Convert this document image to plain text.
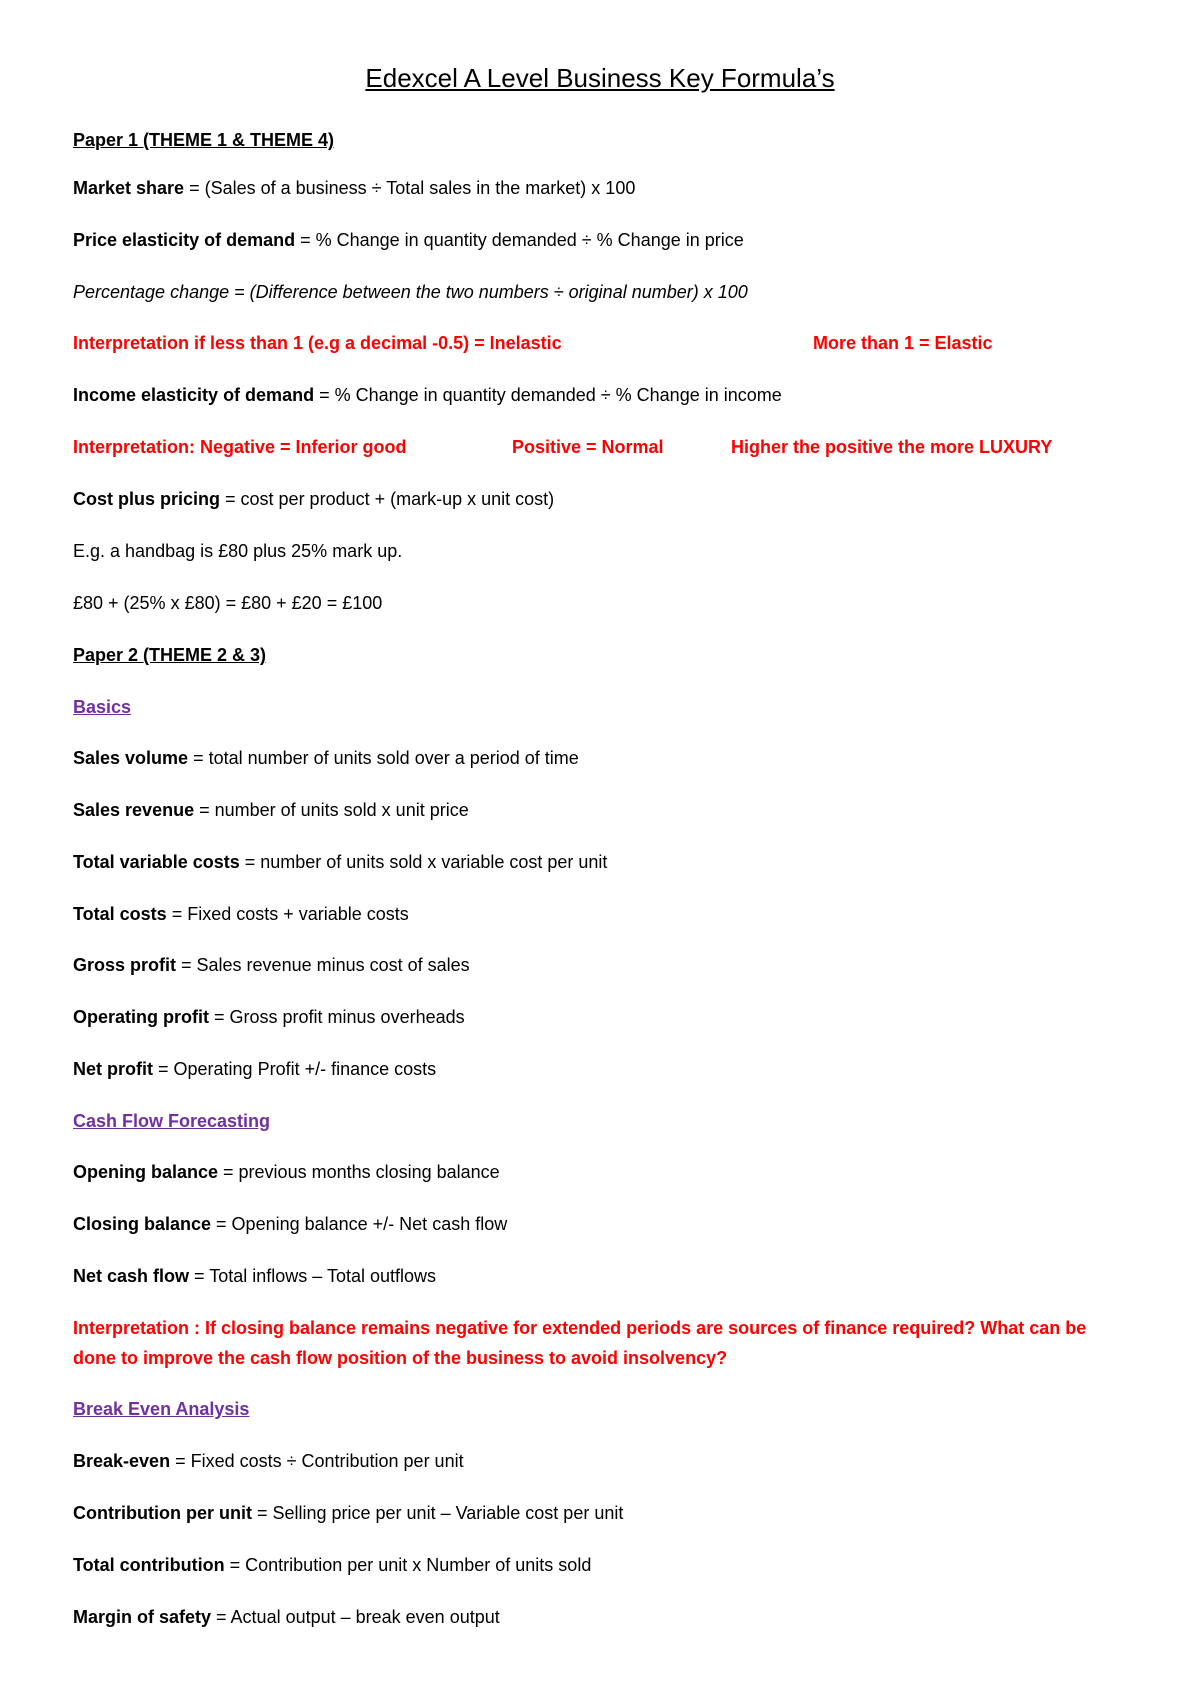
Edexcel A Level Business Key Formula’s

Paper 1 (THEME 1 & THEME 4)

Market share = (Sales of a business ÷ Total sales in the market) x 100

Price elasticity of demand = % Change in quantity demanded ÷ % Change in price

Percentage change = (Difference between the two numbers ÷ original number) x 100

Interpretation if less than 1 (e.g a decimal -0.5) = Inelastic	More than 1 = Elastic

Income elasticity of demand = % Change in quantity demanded ÷ % Change in income

Interpretation: Negative = Inferior good	Positive = Normal	Higher the positive the more LUXURY

Cost plus pricing = cost per product + (mark-up x unit cost)

E.g. a handbag is £80 plus 25% mark up.

£80 + (25% x £80) = £80 + £20 = £100

Paper 2 (THEME 2 & 3)

Basics

Sales volume = total number of units sold over a period of time

Sales revenue = number of units sold x unit price

Total variable costs = number of units sold x variable cost per unit

Total costs = Fixed costs + variable costs

Gross profit = Sales revenue minus cost of sales

Operating profit = Gross profit minus overheads

Net profit = Operating Profit +/- finance costs

Cash Flow Forecasting

Opening balance = previous months closing balance

Closing balance = Opening balance +/- Net cash flow

Net cash flow = Total inflows – Total outflows

Interpretation : If closing balance remains negative for extended periods are sources of finance required? What can be done to improve the cash flow position of the business to avoid insolvency?

Break Even Analysis

Break-even = Fixed costs ÷ Contribution per unit

Contribution per unit = Selling price per unit – Variable cost per unit

Total contribution = Contribution per unit x Number of units sold

Margin of safety = Actual output – break even output
